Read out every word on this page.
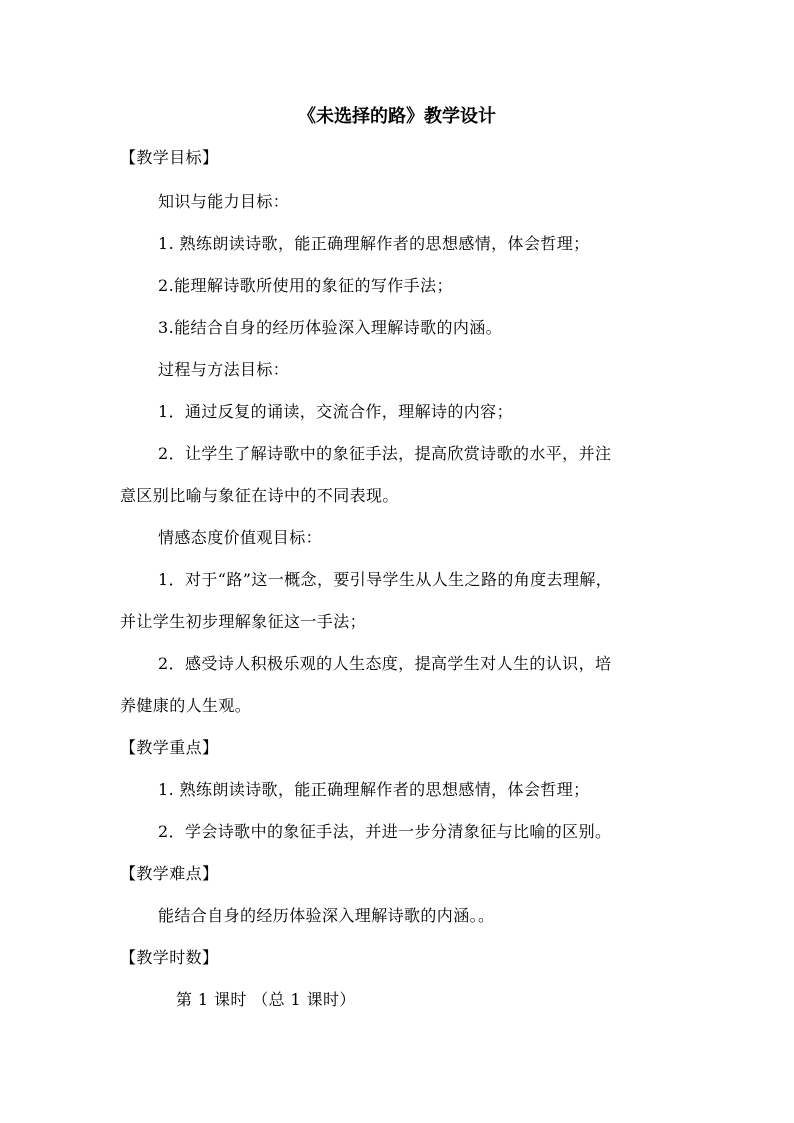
《未选择的路》教学设计
【教学目标】
知识与能力目标：
1. 熟练朗读诗歌，能正确理解作者的思想感情，体会哲理；
2.能理解诗歌所使用的象征的写作手法；
3.能结合自身的经历体验深入理解诗歌的内涵。
过程与方法目标：
1．通过反复的诵读，交流合作，理解诗的内容；
2．让学生了解诗歌中的象征手法，提高欣赏诗歌的水平，并注
意区别比喻与象征在诗中的不同表现。
情感态度价值观目标：
1．对于“路”这一概念，要引导学生从人生之路的角度去理解，
并让学生初步理解象征这一手法；
2．感受诗人积极乐观的人生态度，提高学生对人生的认识，培
养健康的人生观。
【教学重点】
1. 熟练朗读诗歌，能正确理解作者的思想感情，体会哲理；
2．学会诗歌中的象征手法，并进一步分清象征与比喻的区别。
【教学难点】
能结合自身的经历体验深入理解诗歌的内涵。。
【教学时数】
第 1 课时 （总 1 课时）
